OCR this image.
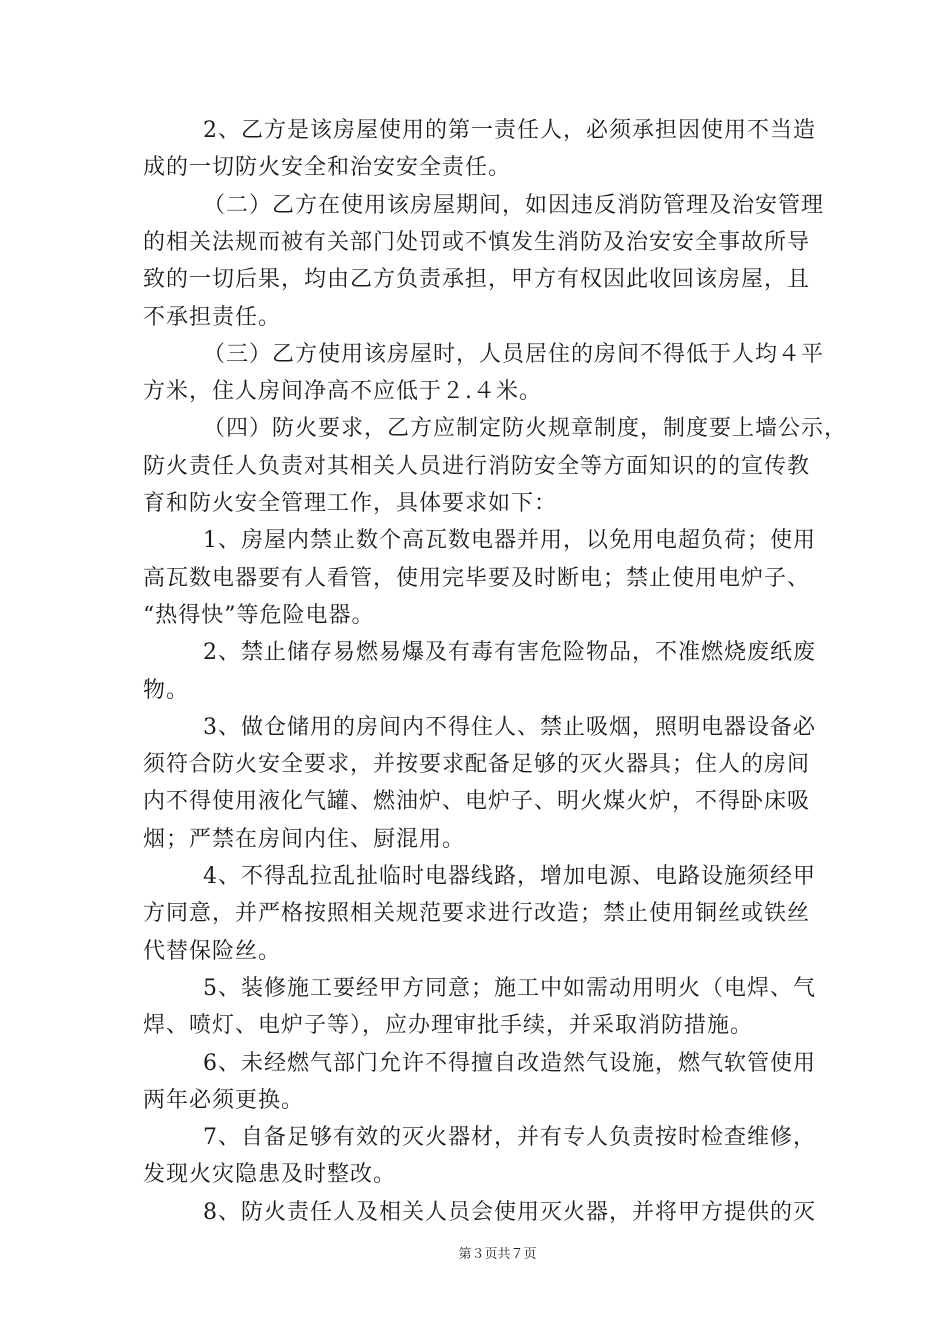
2、乙方是该房屋使用的第一责任人，必须承担因使用不当造
成的一切防火安全和治安安全责任。
（二）乙方在使用该房屋期间，如因违反消防管理及治安管理
的相关法规而被有关部门处罚或不慎发生消防及治安安全事故所导
致的一切后果，均由乙方负责承担，甲方有权因此收回该房屋，且
不承担责任。
（三）乙方使用该房屋时，人员居住的房间不得低于人均４平
方米，住人房间净高不应低于２.４米。
（四）防火要求，乙方应制定防火规章制度，制度要上墙公示，
防火责任人负责对其相关人员进行消防安全等方面知识的的宣传教
育和防火安全管理工作，具体要求如下：
1、房屋内禁止数个高瓦数电器并用，以免用电超负荷；使用
高瓦数电器要有人看管，使用完毕要及时断电；禁止使用电炉子、
“热得快”等危险电器。
2、禁止储存易燃易爆及有毒有害危险物品，不准燃烧废纸废
物。
3、做仓储用的房间内不得住人、禁止吸烟，照明电器设备必
须符合防火安全要求，并按要求配备足够的灭火器具；住人的房间
内不得使用液化气罐、燃油炉、电炉子、明火煤火炉，不得卧床吸
烟；严禁在房间内住、厨混用。
4、不得乱拉乱扯临时电器线路，增加电源、电路设施须经甲
方同意，并严格按照相关规范要求进行改造；禁止使用铜丝或铁丝
代替保险丝。
5、装修施工要经甲方同意；施工中如需动用明火（电焊、气
焊、喷灯、电炉子等），应办理审批手续，并采取消防措施。
6、未经燃气部门允许不得擅自改造然气设施，燃气软管使用
两年必须更换。
7、自备足够有效的灭火器材，并有专人负责按时检查维修，
发现火灾隐患及时整改。
8、防火责任人及相关人员会使用灭火器，并将甲方提供的灭
第３页共７页
